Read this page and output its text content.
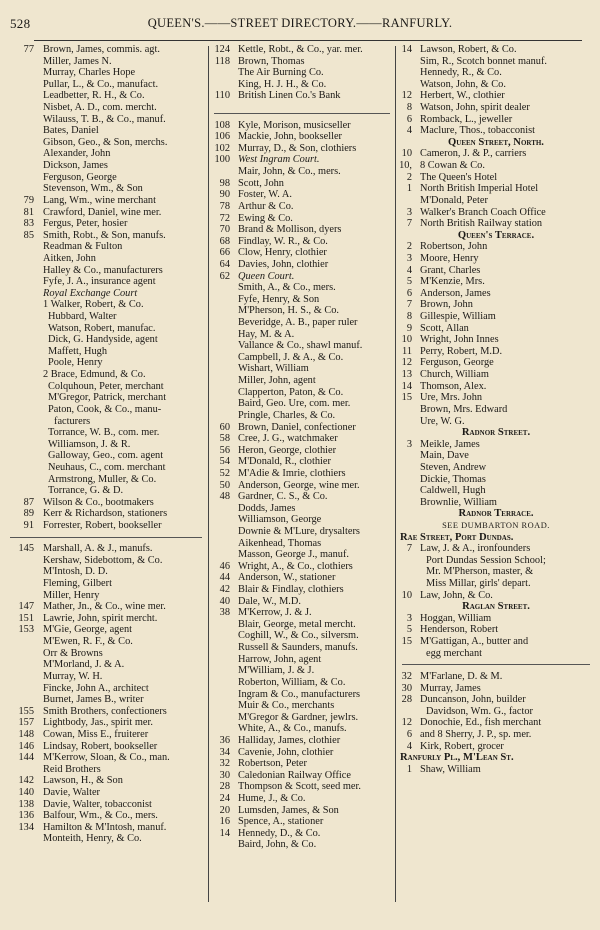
528	QUEEN'S.——STREET DIRECTORY.——RANFURLY.
77 Brown, James, commis. agt.
Miller, James N.
Murray, Charles Hope
Pullar, L., & Co., manufact.
Leadbetter, R. H., & Co.
Nisbet, A. D., com. mercht.
Wilauss, T. B., & Co., manuf.
Bates, Daniel
Gibson, Geo., & Son, merchs.
Alexander, John
Dickson, James
Ferguson, George
Stevenson, Wm., & Son
79 Lang, Wm., wine merchant
81 Crawford, Daniel, wine mer.
83 Fergus, Peter, hosier
85 Smith, Robt., & Son, manufs.
Readman & Fulton
Aitken, John
Halley & Co., manufacturers
Fyfe, J. A., insurance agent
Royal Exchange Court
1 Walker, Robert, & Co.
Hubbard, Walter
Watson, Robert, manufac.
Dick, G. Handyside, agent
Maffett, Hugh
Poole, Henry
2 Brace, Edmund, & Co.
Colquhoun, Peter, merchant
M'Gregor, Patrick, merchant
Paton, Cook, & Co., manu-
facturers
Torrance, W. B., com. mer.
Williamson, J. & R.
Galloway, Geo., com. agent
Neuhaus, C., com. merchant
Armstrong, Muller, & Co.
Torrance, G. & D.
87 Wilson & Co., bootmakers
89 Kerr & Richardson, stationers
91 Forrester, Robert, bookseller
145 Marshall, A. & J., manufs.
Kershaw, Sidebottom, & Co.
M'Intosh, D. D.
Fleming, Gilbert
Miller, Henry
147 Mather, Jn., & Co., wine mer.
151 Lawrie, John, spirit mercht.
153 M'Gie, George, agent
M'Ewen, R. F., & Co.
Orr & Browns
M'Morland, J. & A.
Murray, W. H.
Fincke, John A., architect
Burnet, James B., writer
155 Smith Brothers, confectioners
157 Lightbody, Jas., spirit mer.
148 Cowan, Miss E., fruiterer
146 Lindsay, Robert, bookseller
144 M'Kerrow, Sloan, & Co., man.
Reid Brothers
142 Lawson, H., & Son
140 Davie, Walter
138 Davie, Walter, tobacconist
136 Balfour, Wm., & Co., mers.
134 Hamilton & M'Intosh, manuf.
Monteith, Henry, & Co.
124 Kettle, Robt., & Co., yar. mer.
118 Brown, Thomas
The Air Burning Co.
King, H. J. H., & Co.
110 British Linen Co.'s Bank
108 Kyle, Morison, musicseller
106 Mackie, John, bookseller
102 Murray, D., & Son, clothiers
100 West Ingram Court.
Mair, John, & Co., mers.
98 Scott, John
90 Foster, W. A.
78 Arthur & Co.
72 Ewing & Co.
70 Brand & Mollison, dyers
68 Findlay, W. R., & Co.
66 Clow, Henry, clothier
64 Davies, John, clothier
62 Queen Court.
Smith, A., & Co., mers.
Fyfe, Henry, & Son
M'Pherson, H. S., & Co.
Beveridge, A. B., paper ruler
Hay, M. & A.
Vallance & Co., shawl manuf.
Campbell, J. & A., & Co.
Wishart, William
Miller, John, agent
Clapperton, Paton, & Co.
Baird, Geo. Ure, com. mer.
Pringle, Charles, & Co.
60 Brown, Daniel, confectioner
58 Cree, J. G., watchmaker
56 Heron, George, clothier
54 M'Donald, R., clothier
52 M'Adie & Imrie, clothiers
50 Anderson, George, wine mer.
48 Gardner, C. S., & Co.
Dodds, James
Williamson, George
Downie & M'Lure, drysalters
Aikenhead, Thomas
Masson, George J., manuf.
46 Wright, A., & Co., clothiers
44 Anderson, W., stationer
42 Blair & Findlay, clothiers
40 Dale, W., M.D.
38 M'Kerrow, J. & J.
Blair, George, metal mercht.
Coghill, W., & Co., silversm.
Russell & Saunders, manufs.
Harrow, John, agent
M'William, J. & J.
Roberton, William, & Co.
Ingram & Co., manufacturers
Muir & Co., merchants
M'Gregor & Gardner, jewlrs.
White, A., & Co., manufs.
36 Halliday, James, clothier
34 Cavenie, John, clothier
32 Robertson, Peter
30 Caledonian Railway Office
28 Thompson & Scott, seed mer.
24 Hume, J., & Co.
20 Lumsden, James, & Son
16 Spence, A., stationer
14 Hennedy, D., & Co.
Baird, John, & Co.
14 Lawson, Robert, & Co.
Sim, R., Scotch bonnet manuf.
Hennedy, R., & Co.
Watson, John, & Co.
12 Herbert, W., clothier
8 Watson, John, spirit dealer
6 Romback, L., jeweller
4 Maclure, Thos., tobacconist
Queen Street, North.
10 Cameron, J. & P., carriers
10, 8 Cowan & Co.
2 The Queen's Hotel
1 North British Imperial Hotel
M'Donald, Peter
3 Walker's Branch Coach Office
7 North British Railway station
Queen's Terrace.
2 Robertson, John
3 Moore, Henry
4 Grant, Charles
5 M'Kenzie, Mrs.
6 Anderson, James
7 Brown, John
8 Gillespie, William
9 Scott, Allan
10 Wright, John Innes
11 Perry, Robert, M.D.
12 Ferguson, George
13 Church, William
14 Thomson, Alex.
15 Ure, Mrs. John
Brown, Mrs. Edward
Ure, W. G.
Radnor Street.
3 Meikle, James
Main, Dave
Steven, Andrew
Dickie, Thomas
Caldwell, Hugh
Brownlie, William
Radnor Terrace.
SEE DUMBARTON ROAD.
Rae Street, Port Dundas.
7 Law, J. & A., ironfounders
Port Dundas Session School;
Mr. M'Pherson, master, &
Miss Millar, girls' depart.
10 Law, John, & Co.
Raglan Street.
3 Hoggan, William
5 Henderson, Robert
15 M'Gattigan, A., butter and
egg merchant
32 M'Farlane, D. & M.
30 Murray, James
28 Duncanson, John, builder
Davidson, Wm. G., factor
12 Donochie, Ed., fish merchant
6 and 8 Sherry, J. P., sp. mer.
4 Kirk, Robert, grocer
Ranfurly Pl., M'Lean St.
1 Shaw, William
